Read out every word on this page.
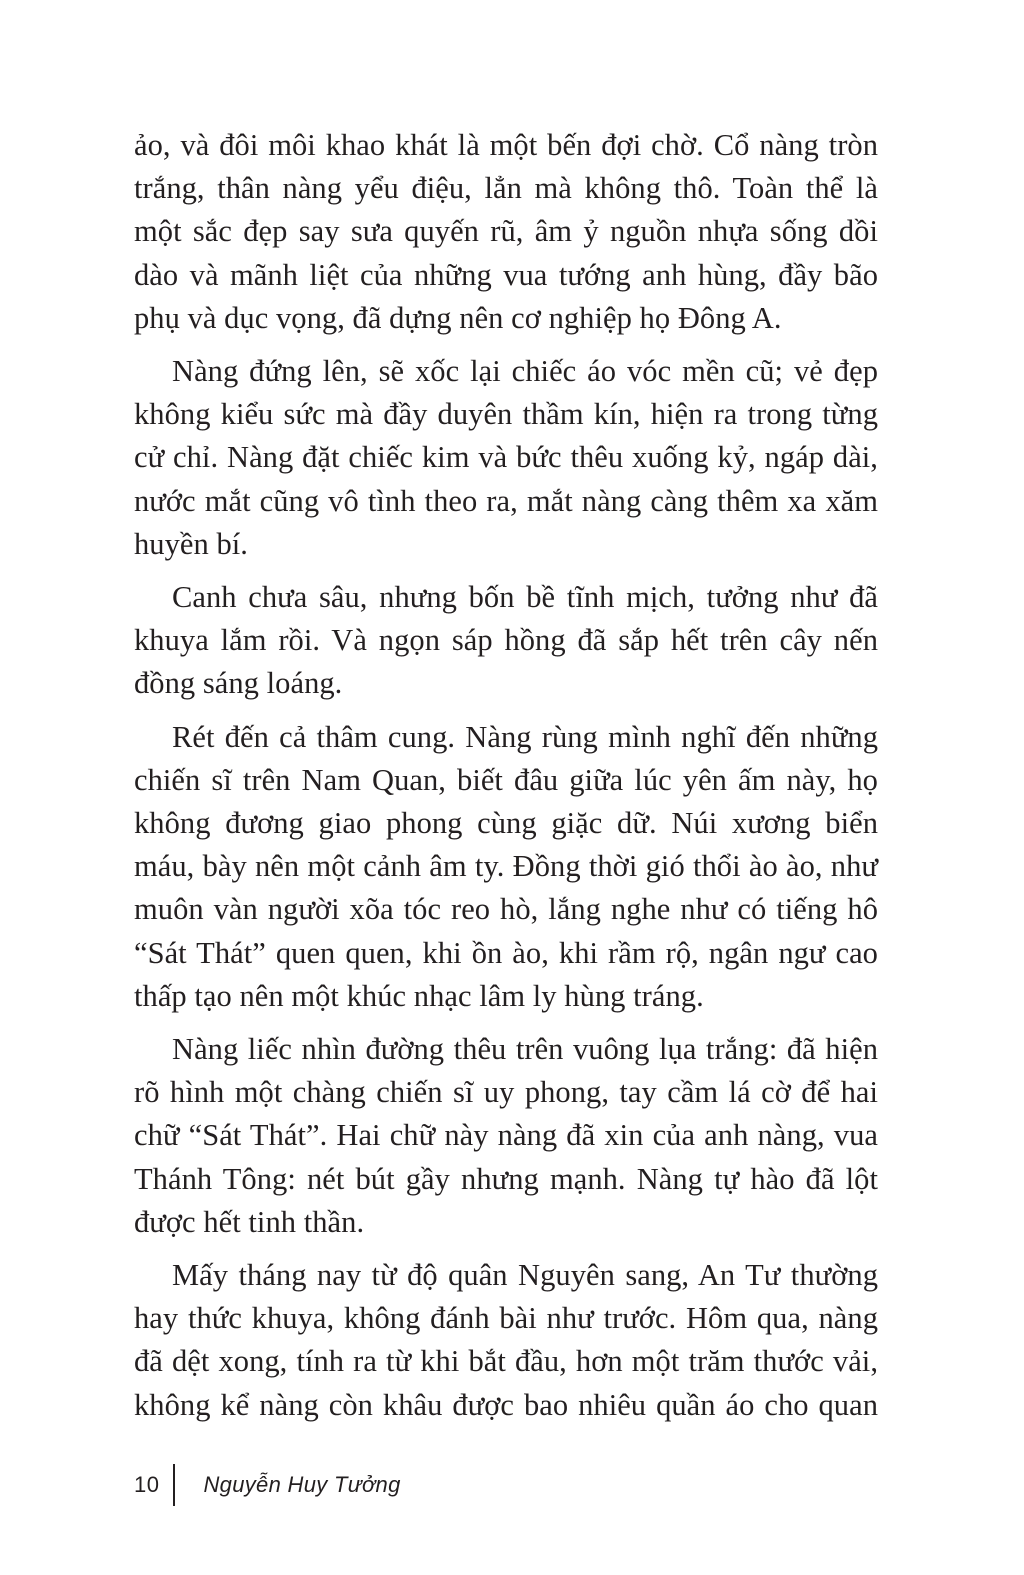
ảo, và đôi môi khao khát là một bến đợi chờ. Cổ nàng tròn
trắng, thân nàng yểu điệu, lẳn mà không thô. Toàn thể là
một sắc đẹp say sưa quyến rũ, âm ỷ nguồn nhựa sống dồi
dào và mãnh liệt của những vua tướng anh hùng, đầy bão
phụ và dục vọng, đã dựng nên cơ nghiệp họ Đông A.

Nàng đứng lên, sẽ xốc lại chiếc áo vóc mền cũ; vẻ đẹp
không kiểu sức mà đầy duyên thầm kín, hiện ra trong từng
cử chỉ. Nàng đặt chiếc kim và bức thêu xuống kỷ, ngáp dài,
nước mắt cũng vô tình theo ra, mắt nàng càng thêm xa xăm
huyền bí.

Canh chưa sâu, nhưng bốn bề tĩnh mịch, tưởng như đã
khuya lắm rồi. Và ngọn sáp hồng đã sắp hết trên cây nến
đồng sáng loáng.

Rét đến cả thâm cung. Nàng rùng mình nghĩ đến những
chiến sĩ trên Nam Quan, biết đâu giữa lúc yên ấm này, họ
không đương giao phong cùng giặc dữ. Núi xương biển
máu, bày nên một cảnh âm ty. Đồng thời gió thổi ào ào, như
muôn vàn người xõa tóc reo hò, lắng nghe như có tiếng hô
“Sát Thát” quen quen, khi ồn ào, khi rầm rộ, ngân ngư cao
thấp tạo nên một khúc nhạc lâm ly hùng tráng.

Nàng liếc nhìn đường thêu trên vuông lụa trắng: đã hiện
rõ hình một chàng chiến sĩ uy phong, tay cầm lá cờ để hai
chữ “Sát Thát”. Hai chữ này nàng đã xin của anh nàng, vua
Thánh Tông: nét bút gầy nhưng mạnh. Nàng tự hào đã lột
được hết tinh thần.

Mấy tháng nay từ độ quân Nguyên sang, An Tư thường
hay thức khuya, không đánh bài như trước. Hôm qua, nàng
đã dệt xong, tính ra từ khi bắt đầu, hơn một trăm thước vải,
không kể nàng còn khâu được bao nhiêu quần áo cho quan

10	Nguyễn Huy Tưởng
